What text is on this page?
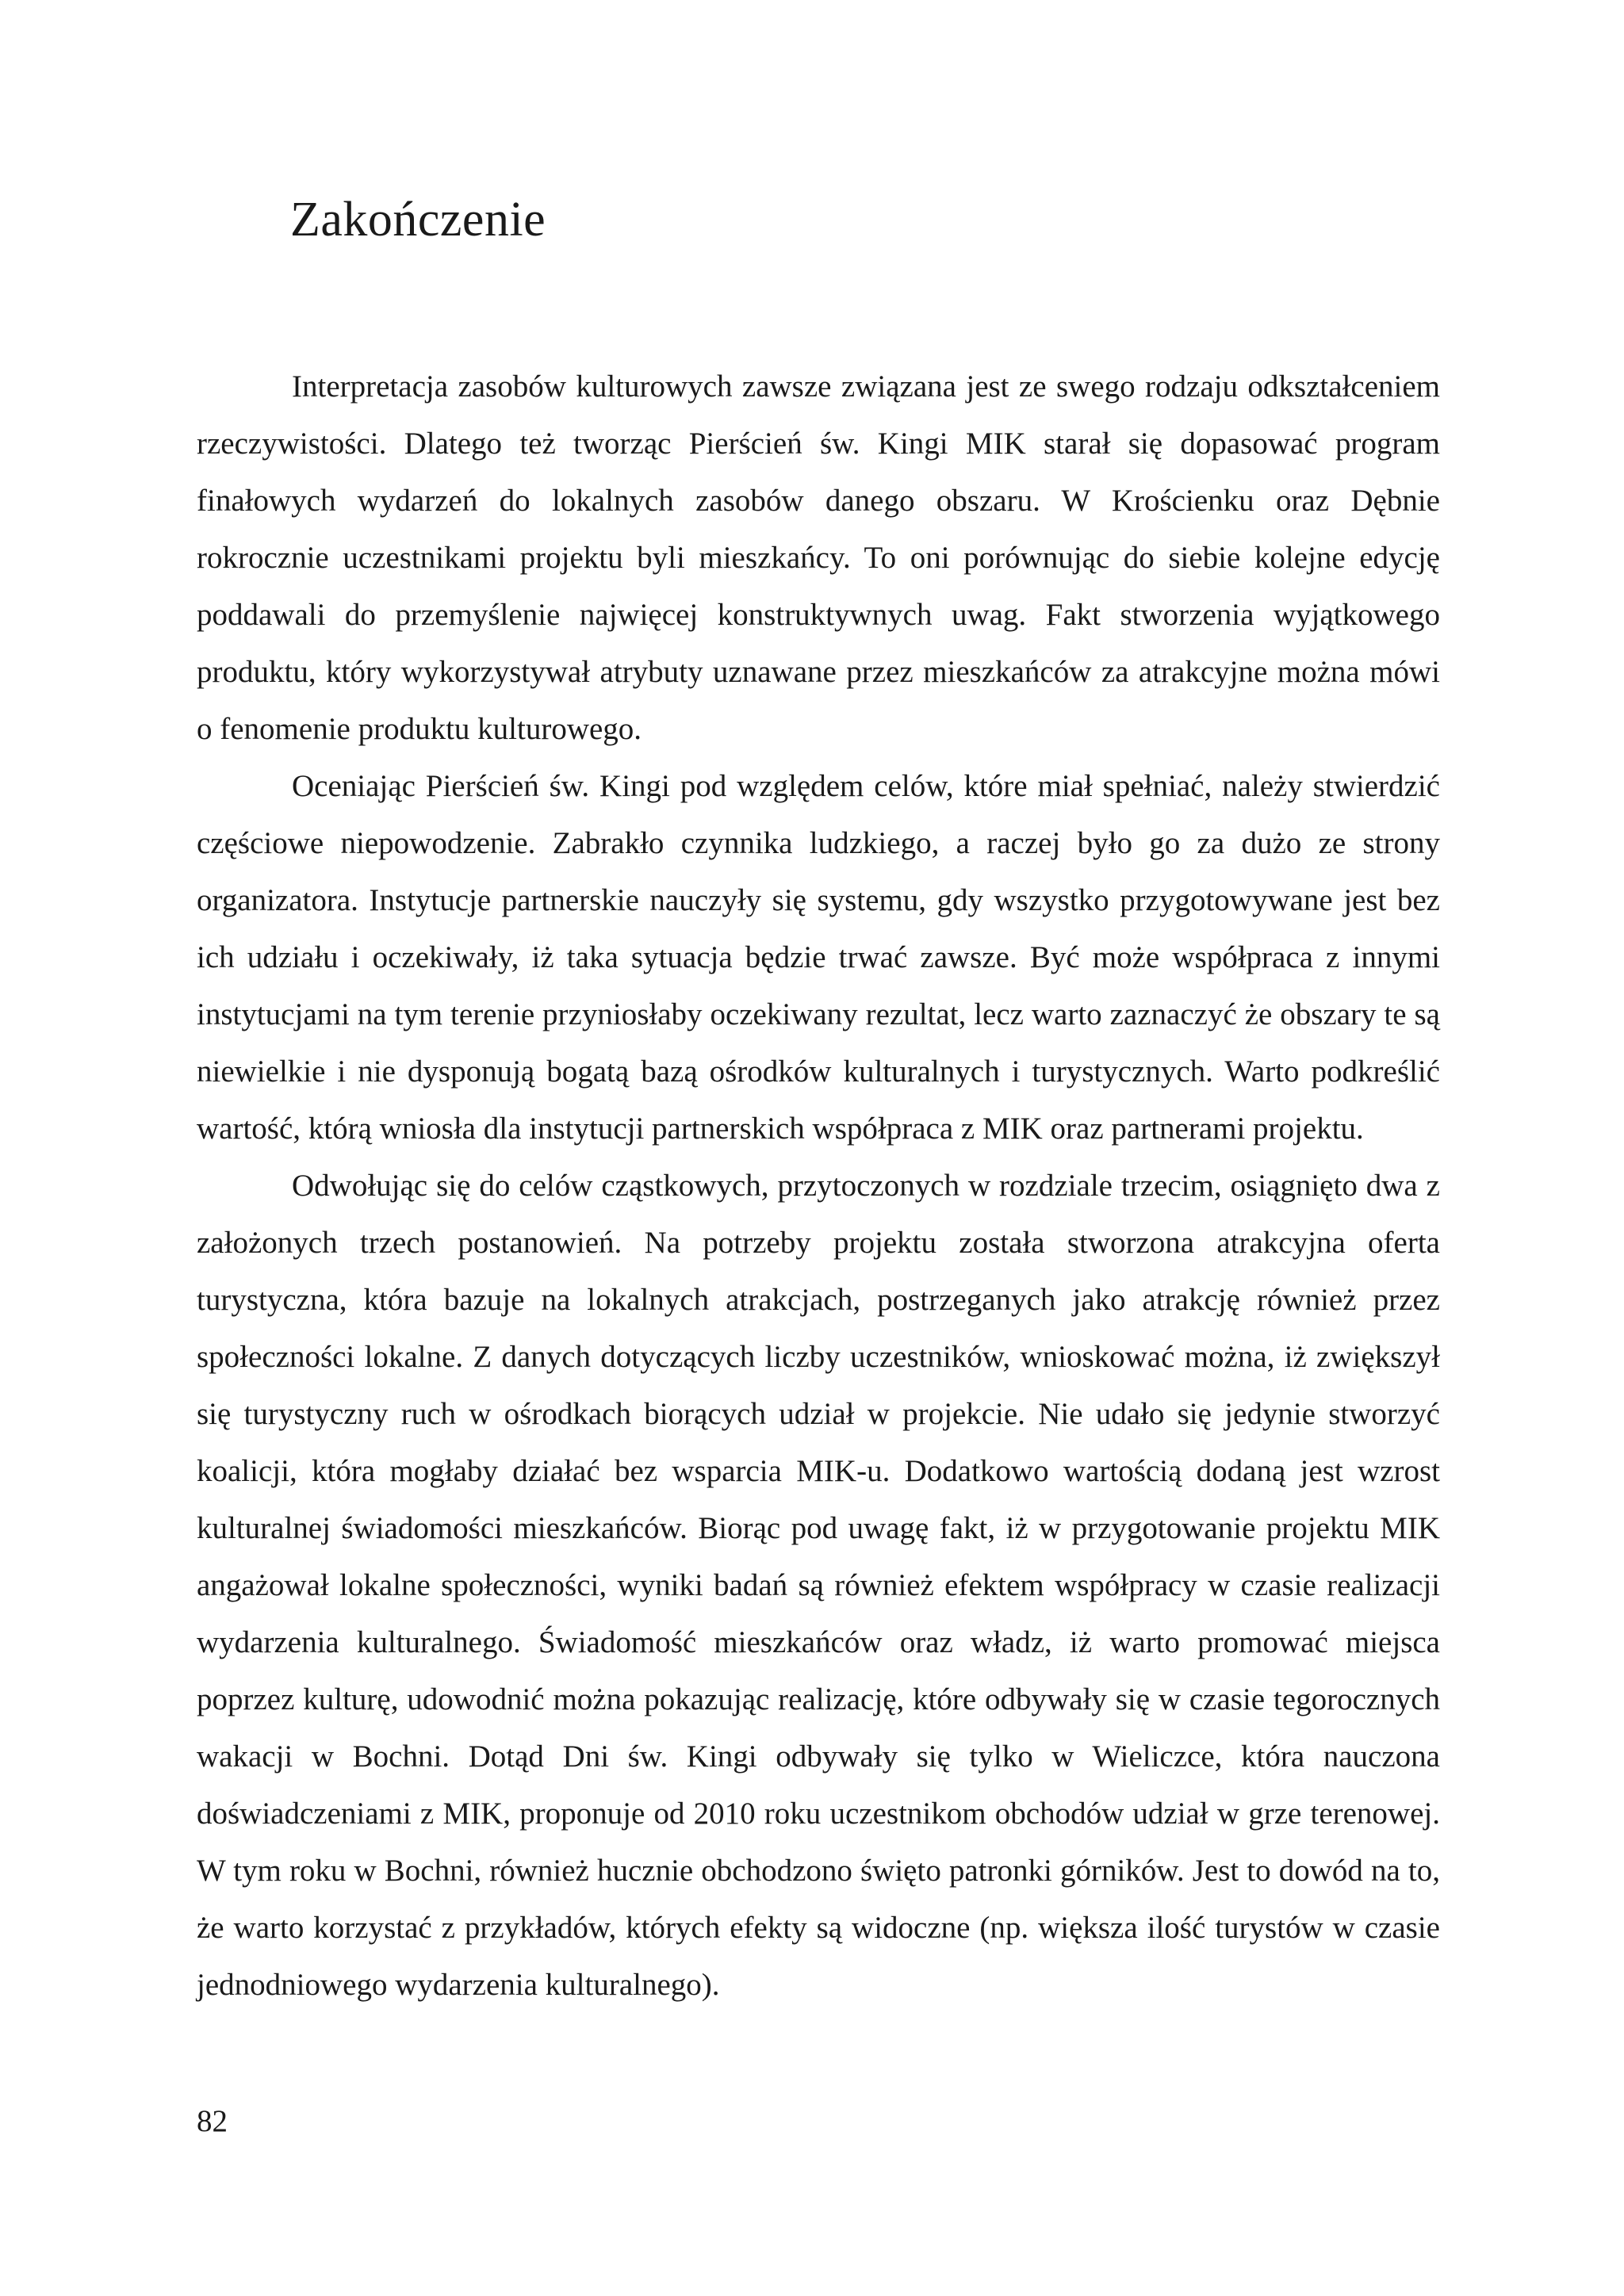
Zakończenie

Interpretacja zasobów kulturowych zawsze związana jest ze swego rodzaju odkształceniem rzeczywistości. Dlatego też tworząc Pierścień św. Kingi MIK starał się dopasować program finałowych wydarzeń do lokalnych zasobów danego obszaru. W Krościenku oraz Dębnie rokrocznie uczestnikami projektu byli mieszkańcy. To oni porównując do siebie kolejne edycję poddawali do przemyślenie najwięcej konstruktywnych uwag. Fakt stworzenia wyjątkowego produktu, który wykorzystywał atrybuty uznawane przez mieszkańców za atrakcyjne można mówi o fenomenie produktu kulturowego.

Oceniając Pierścień św. Kingi pod względem celów, które miał spełniać, należy stwierdzić częściowe niepowodzenie. Zabrakło czynnika ludzkiego, a raczej było go za dużo ze strony organizatora. Instytucje partnerskie nauczyły się systemu, gdy wszystko przygotowywane jest bez ich udziału i oczekiwały, iż taka sytuacja będzie trwać zawsze. Być może współpraca z innymi instytucjami na tym terenie przyniosłaby oczekiwany rezultat, lecz warto zaznaczyć że obszary te są niewielkie i nie dysponują bogatą bazą ośrodków kulturalnych i turystycznych. Warto podkreślić wartość, którą wniosła dla instytucji partnerskich współpraca z MIK oraz partnerami projektu.

Odwołując się do celów cząstkowych, przytoczonych w rozdziale trzecim, osiągnięto dwa z założonych trzech postanowień. Na potrzeby projektu została stworzona atrakcyjna oferta turystyczna, która bazuje na lokalnych atrakcjach, postrzeganych jako atrakcję również przez społeczności lokalne. Z danych dotyczących liczby uczestników, wnioskować można, iż zwiększył się turystyczny ruch w ośrodkach biorących udział w projekcie. Nie udało się jedynie stworzyć koalicji, która mogłaby działać bez wsparcia MIK-u. Dodatkowo wartością dodaną jest wzrost kulturalnej świadomości mieszkańców. Biorąc pod uwagę fakt, iż w przygotowanie projektu MIK angażował lokalne społeczności, wyniki badań są również efektem współpracy w czasie realizacji wydarzenia kulturalnego. Świadomość mieszkańców oraz władz, iż warto promować miejsca poprzez kulturę, udowodnić można pokazując realizację, które odbywały się w czasie tegorocznych wakacji w Bochni. Dotąd Dni św. Kingi odbywały się tylko w Wieliczce, która nauczona doświadczeniami z MIK, proponuje od 2010 roku uczestnikom obchodów udział w grze terenowej. W tym roku w Bochni, również hucznie obchodzono święto patronki górników. Jest to dowód na to, że warto korzystać z przykładów, których efekty są widoczne (np. większa ilość turystów w czasie jednodniowego wydarzenia kulturalnego).

82
